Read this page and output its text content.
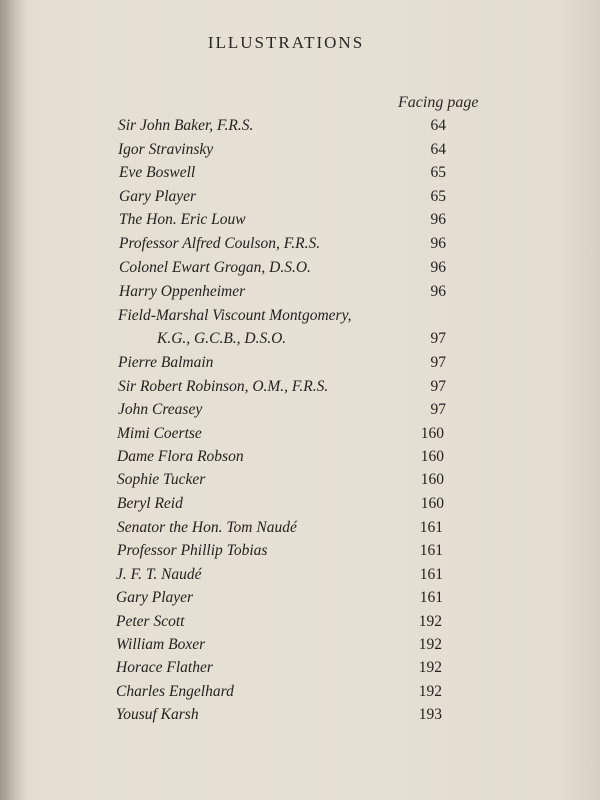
ILLUSTRATIONS
Facing page
Sir John Baker, F.R.S.	64
Igor Stravinsky	64
Eve Boswell	65
Gary Player	65
The Hon. Eric Louw	96
Professor Alfred Coulson, F.R.S.	96
Colonel Ewart Grogan, D.S.O.	96
Harry Oppenheimer	96
Field-Marshal Viscount Montgomery,
K.G., G.C.B., D.S.O.	97
Pierre Balmain	97
Sir Robert Robinson, O.M., F.R.S.	97
John Creasey	97
Mimi Coertse	160
Dame Flora Robson	160
Sophie Tucker	160
Beryl Reid	160
Senator the Hon. Tom Naudé	161
Professor Phillip Tobias	161
J. F. T. Naudé	161
Gary Player	161
Peter Scott	192
William Boxer	192
Horace Flather	192
Charles Engelhard	192
Yousuf Karsh	193
